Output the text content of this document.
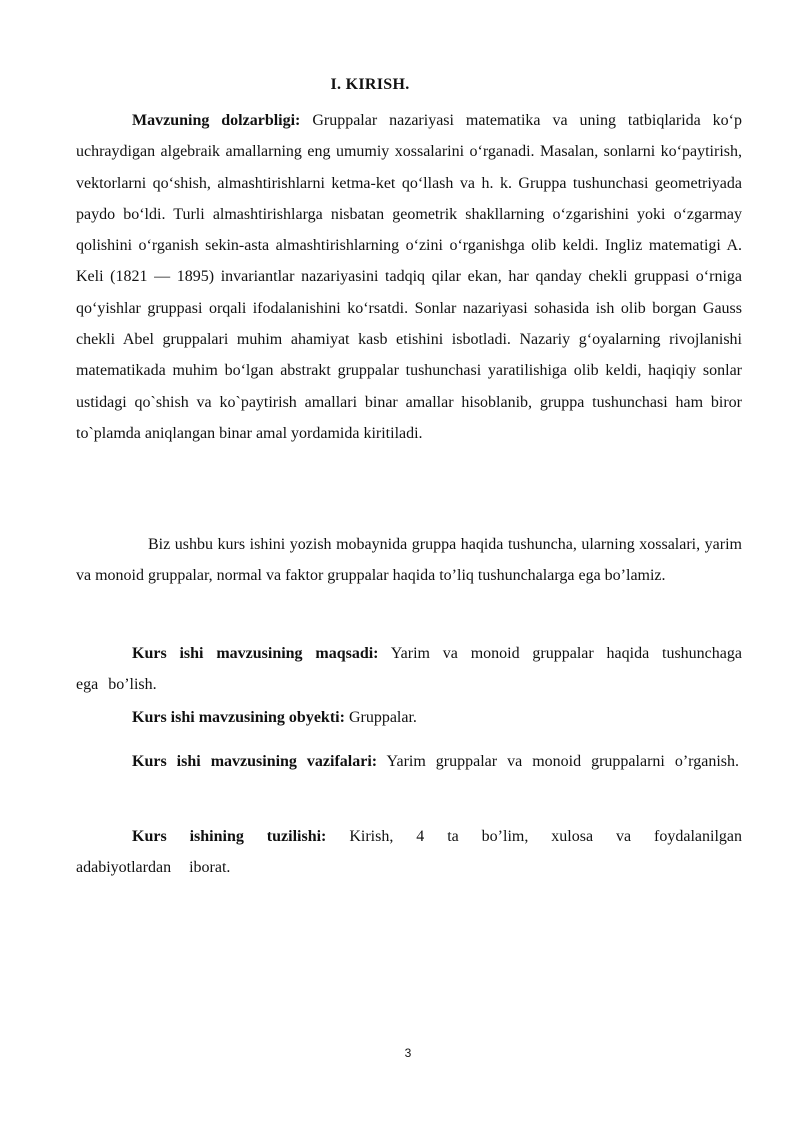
I. KIRISH.

Mavzuning dolzarbligi: Gruppalar nazariyasi matematika va uning tatbiqlarida ko‘p uchraydigan algebraik amallarning eng umumiy xossalarini o‘rganadi. Masalan, sonlarni ko‘paytirish, vektorlarni qo‘shish, almashtirishlarni ketma-ket qo‘llash va h. k. Gruppa tushunchasi geometriyada paydo bo‘ldi. Turli almashtirishlarga nisbatan geometrik shakllarning o‘zgarishini yoki o‘zgarmay qolishini o‘rganish sekin-asta almashtirishlarning o‘zini o‘rganishga olib keldi. Ingliz matematigi A. Keli (1821 — 1895) invariantlar nazariyasini tadqiq qilar ekan, har qanday chekli gruppasi o‘rniga qo‘yishlar gruppasi orqali ifodalanishini ko‘rsatdi. Sonlar nazariyasi sohasida ish olib borgan Gauss chekli Abel gruppalari muhim ahamiyat kasb etishini isbotladi. Nazariy g‘oyalarning rivojlanishi matematikada muhim bo‘lgan abstrakt gruppalar tushunchasi yaratilishiga olib keldi, haqiqiy sonlar ustidagi qo`shish va ko`paytirish amallari binar amallar hisoblanib, gruppa tushunchasi ham biror to`plamda aniqlangan binar amal yordamida kiritiladi.

Biz ushbu kurs ishini yozish mobaynida gruppa haqida tushuncha, ularning xossalari, yarim va monoid gruppalar, normal va faktor gruppalar haqida to’liq tushunchalarga ega bo’lamiz.

Kurs ishi mavzusining maqsadi: Yarim va monoid gruppalar haqida tushunchaga ega bo’lish.

Kurs ishi mavzusining obyekti: Gruppalar.

Kurs ishi mavzusining vazifalari: Yarim gruppalar va monoid gruppalarni o’rganish.

Kurs ishining tuzilishi: Kirish, 4 ta bo’lim, xulosa va foydalanilgan adabiyotlardan iborat.

3
